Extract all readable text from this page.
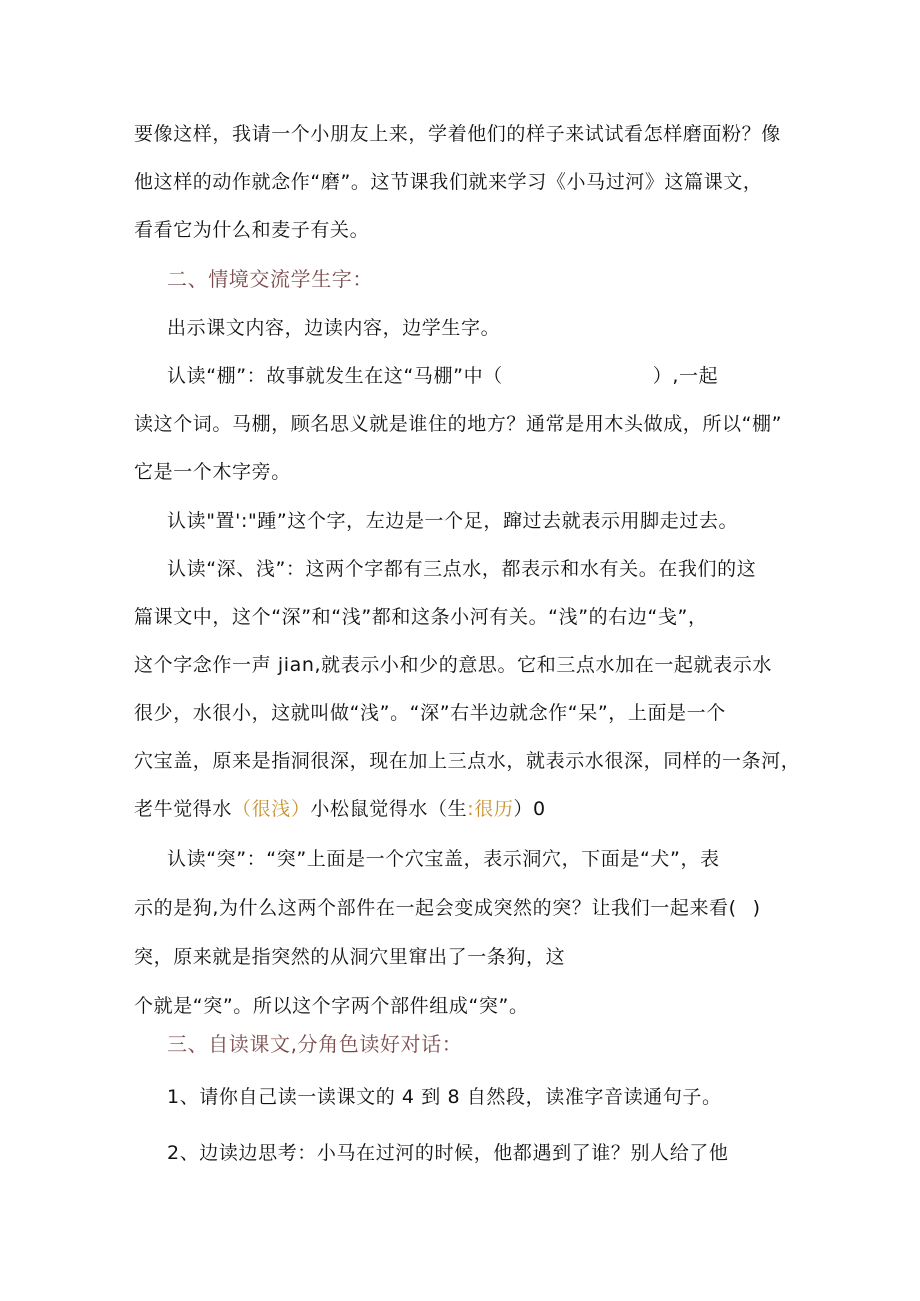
要像这样，我请一个小朋友上来，学着他们的样子来试试看怎样磨面粉？像
他这样的动作就念作“磨”。这节课我们就来学习《小马过河》这篇课文，
看看它为什么和麦子有关。
二、情境交流学生字：
出示课文内容，边读内容，边学生字。
认读“棚”：故事就发生在这“马棚”中（	）,一起
读这个词。马棚，顾名思义就是谁住的地方？通常是用木头做成，所以“棚”
它是一个木字旁。
认读"置':"踵”这个字，左边是一个足，蹿过去就表示用脚走过去。
认读“深、浅”：这两个字都有三点水，都表示和水有关。在我们的这
篇课文中，这个“深”和“浅”都和这条小河有关。“浅”的右边“戋”，
这个字念作一声 jian,就表示小和少的意思。它和三点水加在一起就表示水
很少，水很小，这就叫做“浅”。“深”右半边就念作“呆”，上面是一个
穴宝盖，原来是指洞很深，现在加上三点水，就表示水很深，同样的一条河，
老牛觉得水（很浅）小松鼠觉得水（生:很历）0
认读“突”：“突”上面是一个穴宝盖，表示洞穴，下面是“犬”，表
示的是狗,为什么这两个部件在一起会变成突然的突？让我们一起来看( )
突，原来就是指突然的从洞穴里窜出了一条狗，这
个就是“突”。所以这个字两个部件组成“突”。
三、自读课文,分角色读好对话：
1、请你自己读一读课文的 4 到 8 自然段，读准字音读通句子。
2、边读边思考：小马在过河的时候，他都遇到了谁？别人给了他
